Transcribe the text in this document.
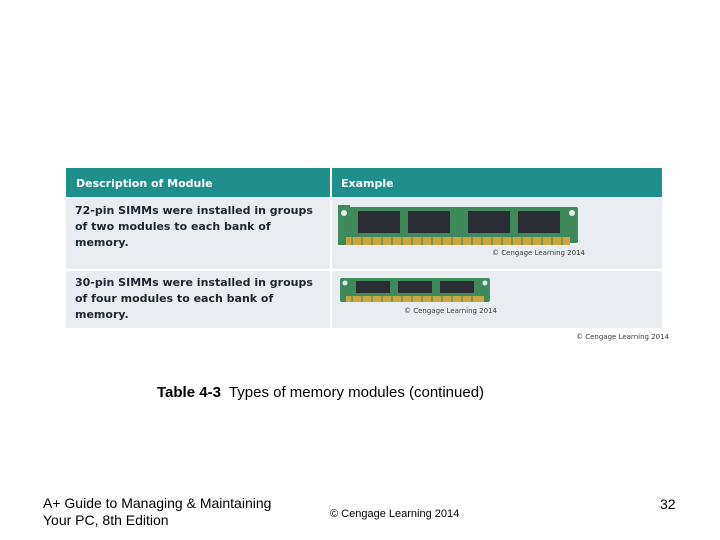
Description of Module	Example
72-pin SIMMs were installed in groups of two modules to each bank of memory.
30-pin SIMMs were installed in groups of four modules to each bank of memory.
© Cengage Learning 2014
© Cengage Learning 2014
© Cengage Learning 2014
Table 4-3 Types of memory modules (continued)
A+ Guide to Managing & Maintaining
Your PC, 8th Edition	© Cengage Learning 2014
32
